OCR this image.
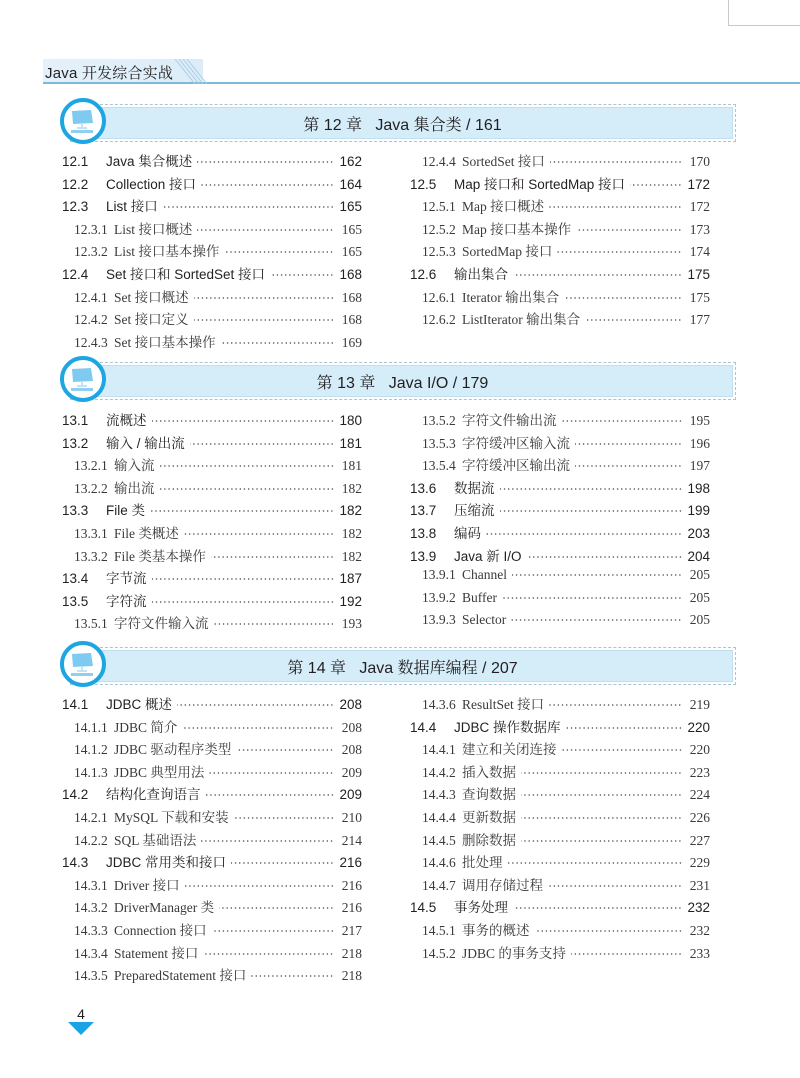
Java 开发综合实战
第 12 章   Java 集合类 / 161
12.1	Java 集合概述	162
12.2	Collection 接口	164
12.3	List 接口	165
12.3.1 List 接口概述	165
12.3.2 List 接口基本操作	165
12.4	Set 接口和 SortedSet 接口	168
12.4.1 Set 接口概述	168
12.4.2 Set 接口定义	168
12.4.3 Set 接口基本操作	169
12.4.4 SortedSet 接口	170
12.5	Map 接口和 SortedMap 接口	172
12.5.1 Map 接口概述	172
12.5.2 Map 接口基本操作	173
12.5.3 SortedMap 接口	174
12.6	输出集合	175
12.6.1 Iterator 输出集合	175
12.6.2 ListIterator 输出集合	177
第 13 章   Java I/O / 179
13.1	流概述	180
13.2	输入 / 输出流	181
13.2.1 输入流	181
13.2.2 输出流	182
13.3	File 类	182
13.3.1 File 类概述	182
13.3.2 File 类基本操作	182
13.4	字节流	187
13.5	字符流	192
13.5.1 字符文件输入流	193
13.5.2 字符文件输出流	195
13.5.3 字符缓冲区输入流	196
13.5.4 字符缓冲区输出流	197
13.6	数据流	198
13.7	压缩流	199
13.8	编码	203
13.9	Java 新 I/O	204
13.9.1 Channel	205
13.9.2 Buffer	205
13.9.3 Selector	205
第 14 章   Java 数据库编程 / 207
14.1	JDBC 概述	208
14.1.1 JDBC 简介	208
14.1.2 JDBC 驱动程序类型	208
14.1.3 JDBC 典型用法	209
14.2	结构化查询语言	209
14.2.1 MySQL 下载和安装	210
14.2.2 SQL 基础语法	214
14.3	JDBC 常用类和接口	216
14.3.1 Driver 接口	216
14.3.2 DriverManager 类	216
14.3.3 Connection 接口	217
14.3.4 Statement 接口	218
14.3.5 PreparedStatement 接口	218
14.3.6 ResultSet 接口	219
14.4	JDBC 操作数据库	220
14.4.1 建立和关闭连接	220
14.4.2 插入数据	223
14.4.3 查询数据	224
14.4.4 更新数据	226
14.4.5 删除数据	227
14.4.6 批处理	229
14.4.7 调用存储过程	231
14.5	事务处理	232
14.5.1 事务的概述	232
14.5.2 JDBC 的事务支持	233
4
